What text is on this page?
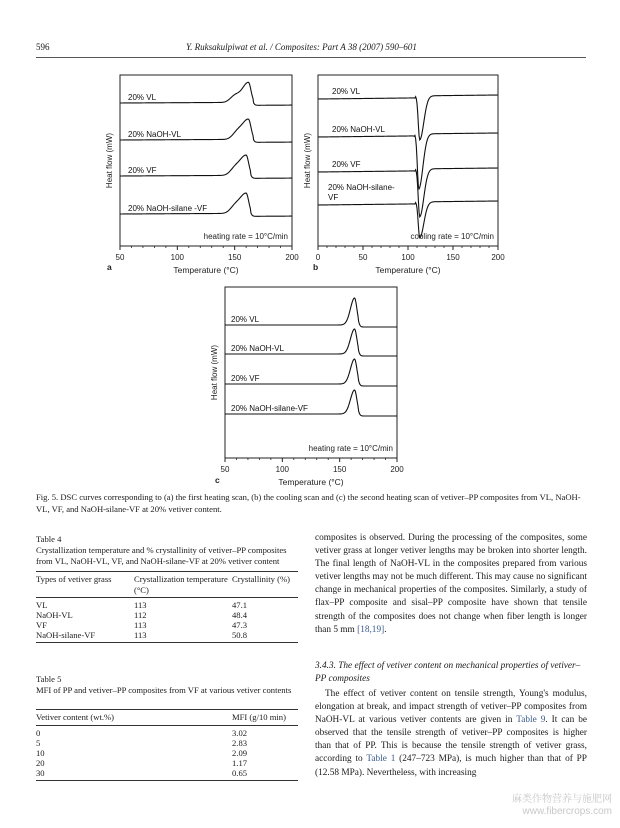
596	Y. Ruksakulpiwat et al. / Composites: Part A 38 (2007) 590–601
50	100	150	200
Temperature (°C)
Heat flow (mW)
a
heating rate = 10°C/min
20% VL
20% NaOH-VL
20% VF
20% NaOH-silane -VF
0	50	100	150	200
Temperature (°C)
Heat flow (mW)
b
cooling rate = 10°C/min
20% VL
20% NaOH-VL
20% VF
20% NaOH-silane-
VF
50	100	150	200
Temperature (°C)
Heat flow (mW)
c
heating rate = 10°C/min
20% VL
20% NaOH-VL
20% VF
20% NaOH-silane-VF
Fig. 5. DSC curves corresponding to (a) the first heating scan, (b) the cooling scan and (c) the second heating scan of vetiver–PP composites from VL, NaOH-VL, VF, and NaOH-silane-VF at 20% vetiver content.
Table 4
Crystallization temperature and % crystallinity of vetiver–PP composites from VL, NaOH-VL, VF, and NaOH-silane-VF at 20% vetiver content
Types of vetiver grass	Crystallization temperature (°C)	Crystallinity (%)
VL	113	47.1
NaOH-VL	112	48.4
VF	113	47.3
NaOH-silane-VF	113	50.8
Table 5
MFI of PP and vetiver–PP composites from VF at various vetiver contents
Vetiver content (wt.%)	MFI (g/10 min)
0	3.02
5	2.83
10	2.09
20	1.17
30	0.65
composites is observed. During the processing of the composites, some vetiver grass at longer vetiver lengths may be broken into shorter length. The final length of NaOH-VL in the composites prepared from various vetiver lengths may not be much different. This may cause no significant change in mechanical properties of the composites. Similarly, a study of flax–PP composite and sisal–PP composite have shown that tensile strength of the composites does not change when fiber length is longer than 5 mm [18,19].
3.4.3. The effect of vetiver content on mechanical properties of vetiver–PP composites
The effect of vetiver content on tensile strength, Young's modulus, elongation at break, and impact strength of vetiver–PP composites from NaOH-VL at various vetiver contents are given in Table 9. It can be observed that the tensile strength of vetiver–PP composites is higher than that of PP. This is because the tensile strength of vetiver grass, according to Table 1 (247–723 MPa), is much higher than that of PP (12.58 MPa). Nevertheless, with increasing
麻类作物营养与施肥网
www.fibercrops.com
